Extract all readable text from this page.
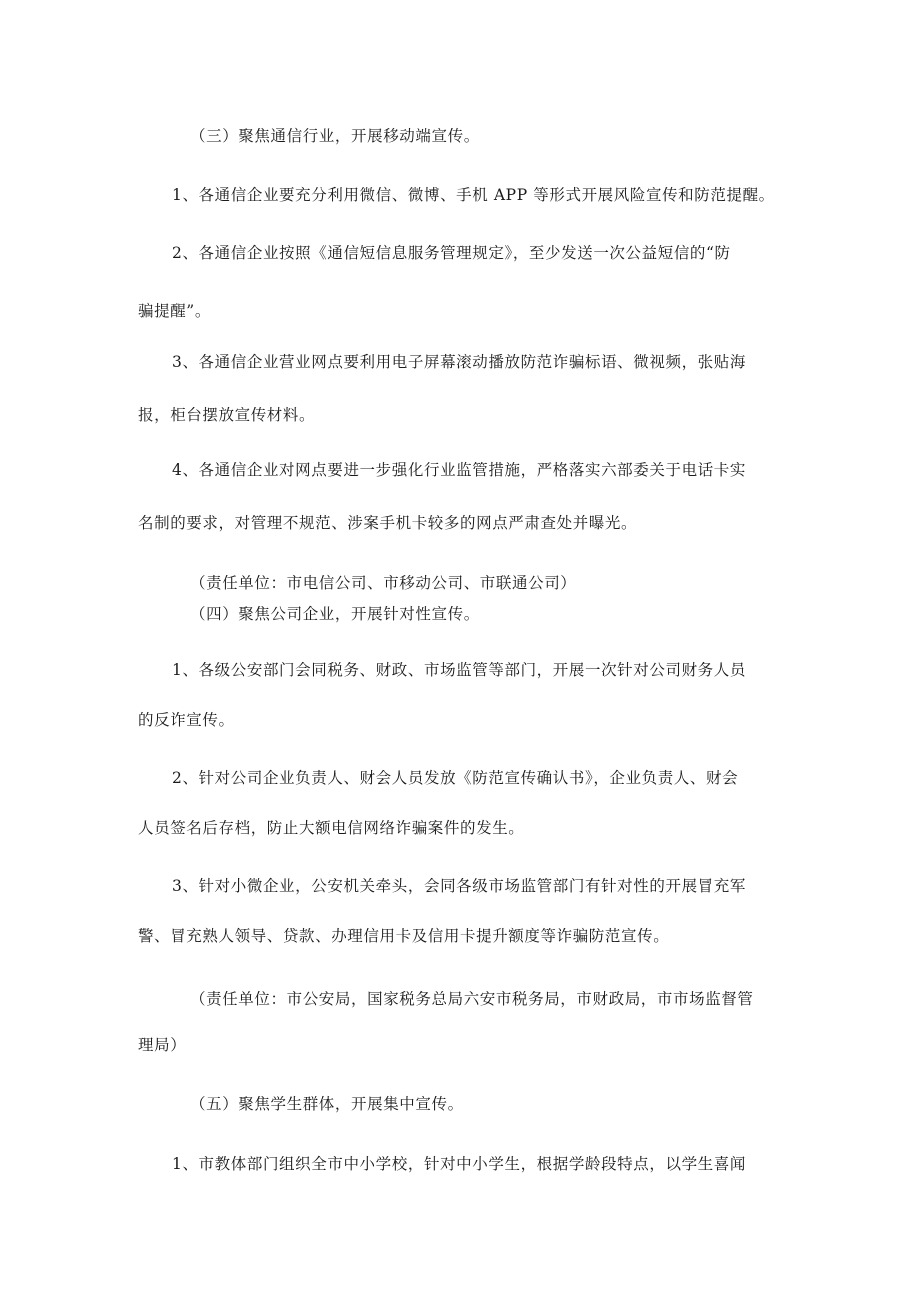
（三）聚焦通信行业，开展移动端宣传。
1、各通信企业要充分利用微信、微博、手机 APP 等形式开展风险宣传和防范提醒。
2、各通信企业按照《通信短信息服务管理规定》，至少发送一次公益短信的“防
骗提醒”。
3、各通信企业营业网点要利用电子屏幕滚动播放防范诈骗标语、微视频，张贴海
报，柜台摆放宣传材料。
4、各通信企业对网点要进一步强化行业监管措施，严格落实六部委关于电话卡实
名制的要求，对管理不规范、涉案手机卡较多的网点严肃查处并曝光。
（责任单位：市电信公司、市移动公司、市联通公司）
（四）聚焦公司企业，开展针对性宣传。
1、各级公安部门会同税务、财政、市场监管等部门，开展一次针对公司财务人员
的反诈宣传。
2、针对公司企业负责人、财会人员发放《防范宣传确认书》，企业负责人、财会
人员签名后存档，防止大额电信网络诈骗案件的发生。
3、针对小微企业，公安机关牵头，会同各级市场监管部门有针对性的开展冒充军
警、冒充熟人领导、贷款、办理信用卡及信用卡提升额度等诈骗防范宣传。
（责任单位：市公安局，国家税务总局六安市税务局，市财政局，市市场监督管
理局）
（五）聚焦学生群体，开展集中宣传。
1、市教体部门组织全市中小学校，针对中小学生，根据学龄段特点，以学生喜闻
